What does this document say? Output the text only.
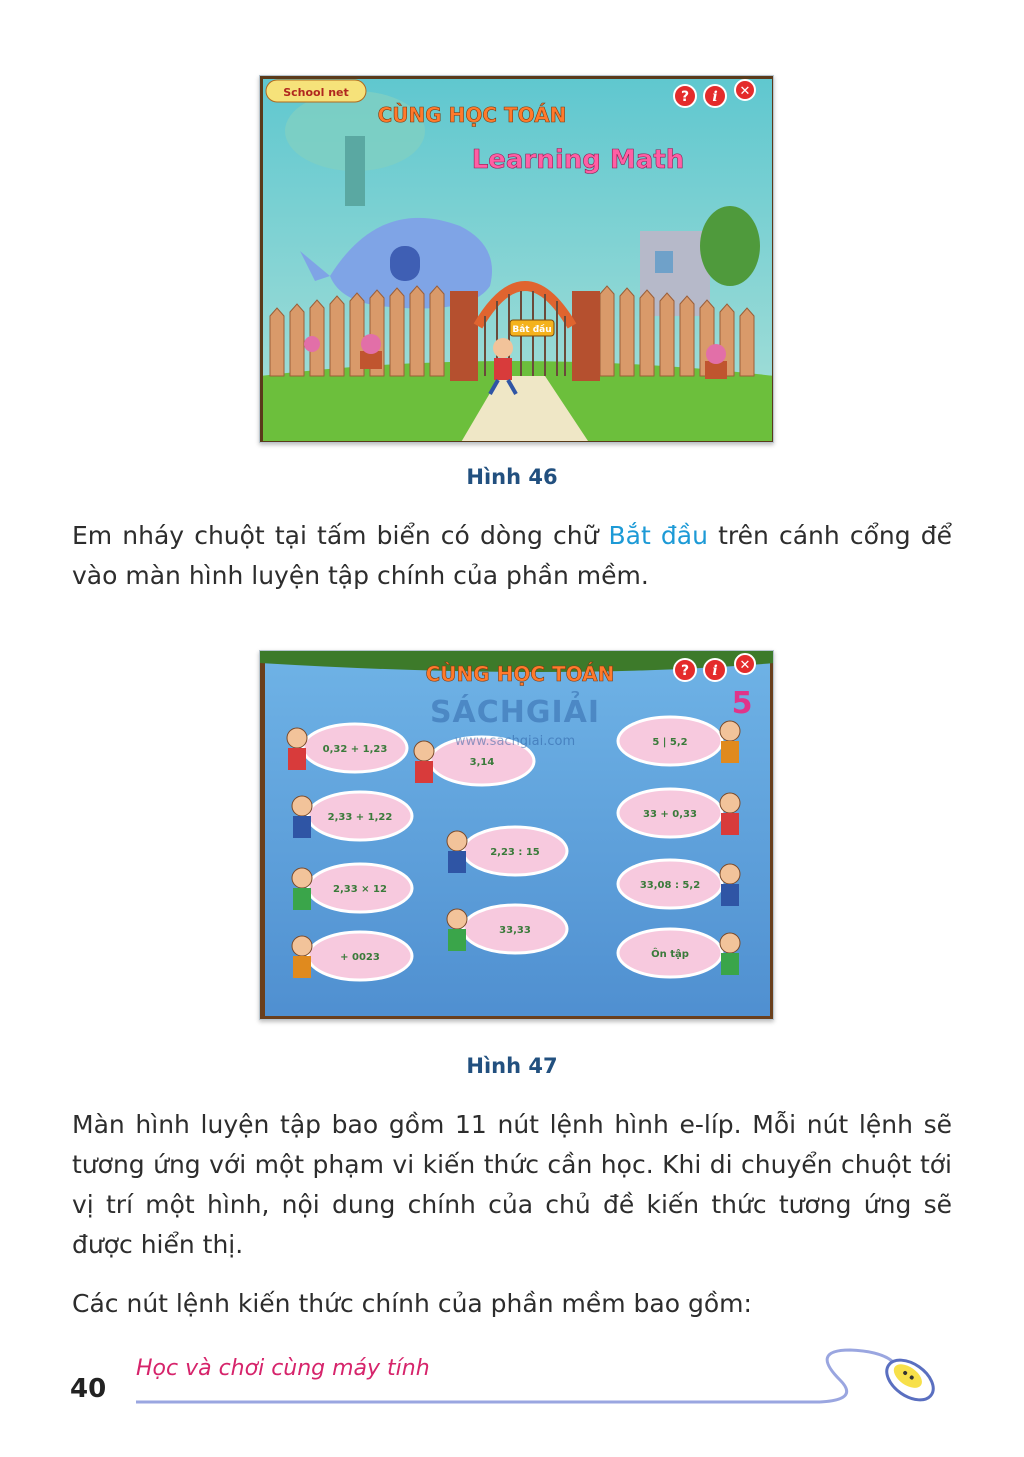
CÙNG HỌC TOÁN
Learning Math
School net
Bắt đầu
? i ✕
Hình 46

Em nháy chuột tại tấm biển có dòng chữ Bắt đầu trên cánh cổng để vào màn hình luyện tập chính của phần mềm.

CÙNG HỌC TOÁN
5
? i ✕
0,32 + 1,23
2,33 + 1,22
2,33 × 12
+ 0023
3,14
2,23 : 15
33,33
5 | 5,2
33 + 0,33
33,08 : 5,2
Ôn tập
Hình 47
SÁCHGIẢI
www.sachgiai.com

Màn hình luyện tập bao gồm 11 nút lệnh hình e-líp. Mỗi nút lệnh sẽ tương ứng với một phạm vi kiến thức cần học. Khi di chuyển chuột tới vị trí một hình, nội dung chính của chủ đề kiến thức tương ứng sẽ được hiển thị.

Các nút lệnh kiến thức chính của phần mềm bao gồm:

40
Học và chơi cùng máy tính
